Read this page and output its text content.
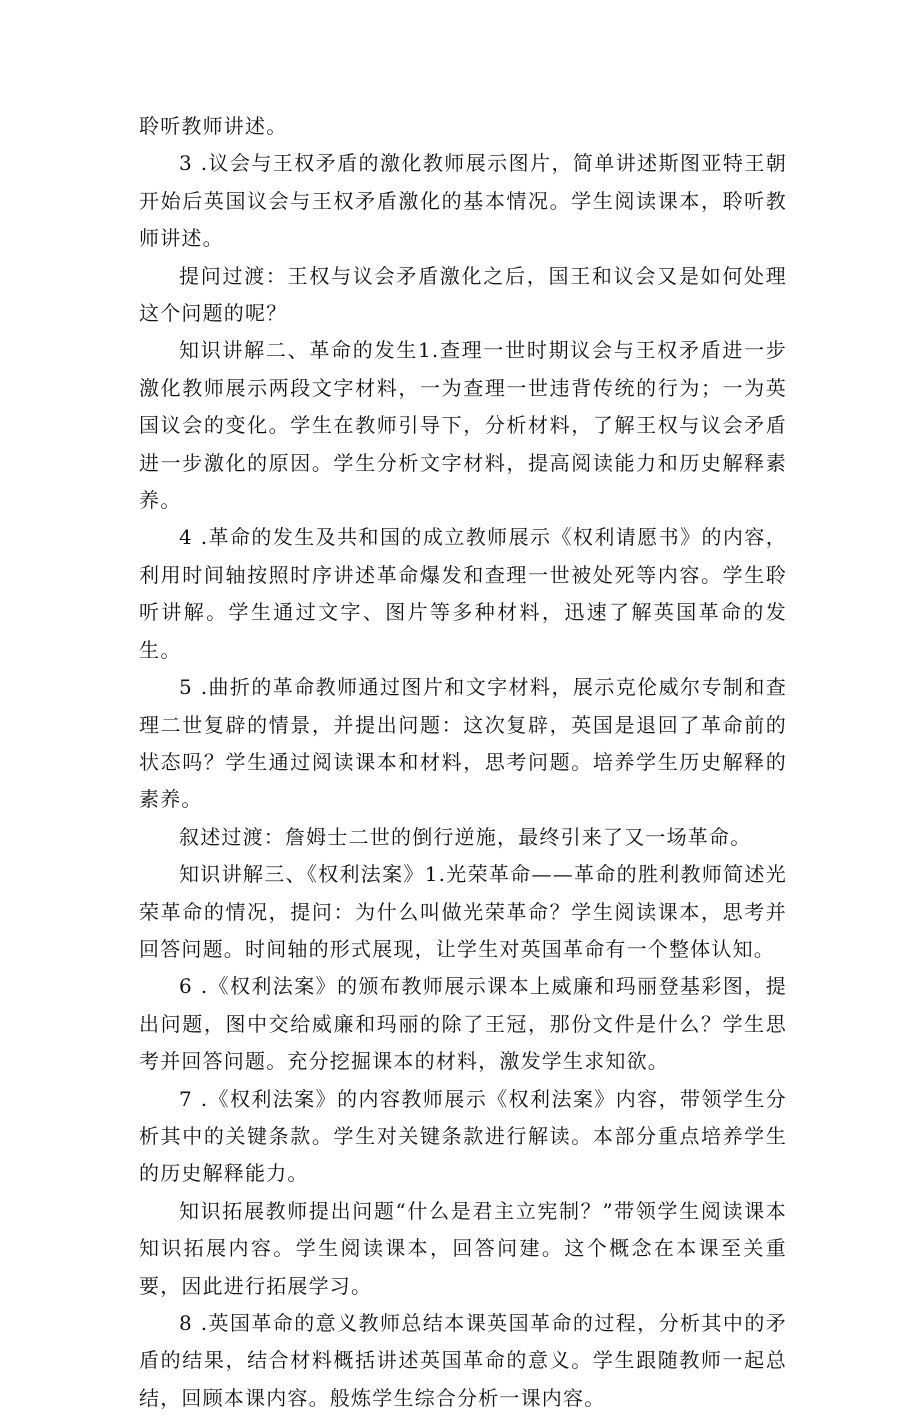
聆听教师讲述。

3 .议会与王权矛盾的激化教师展示图片，简单讲述斯图亚特王朝开始后英国议会与王权矛盾激化的基本情况。学生阅读课本，聆听教师讲述。

提问过渡：王权与议会矛盾激化之后，国王和议会又是如何处理这个问题的呢？

知识讲解二、革命的发生1.查理一世时期议会与王权矛盾进一步激化教师展示两段文字材料，一为查理一世违背传统的行为；一为英国议会的变化。学生在教师引导下，分析材料，了解王权与议会矛盾进一步激化的原因。学生分析文字材料，提高阅读能力和历史解释素养。

4 .革命的发生及共和国的成立教师展示《权利请愿书》的内容，利用时间轴按照时序讲述革命爆发和查理一世被处死等内容。学生聆听讲解。学生通过文字、图片等多种材料，迅速了解英国革命的发生。

5 .曲折的革命教师通过图片和文字材料，展示克伦威尔专制和查理二世复辟的情景，并提出问题：这次复辟，英国是退回了革命前的状态吗？学生通过阅读课本和材料，思考问题。培养学生历史解释的素养。

叙述过渡：詹姆士二世的倒行逆施，最终引来了又一场革命。

知识讲解三、《权利法案》1.光荣革命——革命的胜利教师简述光荣革命的情况，提问：为什么叫做光荣革命？学生阅读课本，思考并回答问题。时间轴的形式展现，让学生对英国革命有一个整体认知。

6 .《权利法案》的颁布教师展示课本上威廉和玛丽登基彩图，提出问题，图中交给威廉和玛丽的除了王冠，那份文件是什么？学生思考并回答问题。充分挖掘课本的材料，激发学生求知欲。

7 .《权利法案》的内容教师展示《权利法案》内容，带领学生分析其中的关键条款。学生对关键条款进行解读。本部分重点培养学生的历史解释能力。

知识拓展教师提出问题“什么是君主立宪制？”带领学生阅读课本知识拓展内容。学生阅读课本，回答问建。这个概念在本课至关重要，因此进行拓展学习。

8 .英国革命的意义教师总结本课英国革命的过程，分析其中的矛盾的结果，结合材料概括讲述英国革命的意义。学生跟随教师一起总结，回顾本课内容。般炼学生综合分析一课内容。
